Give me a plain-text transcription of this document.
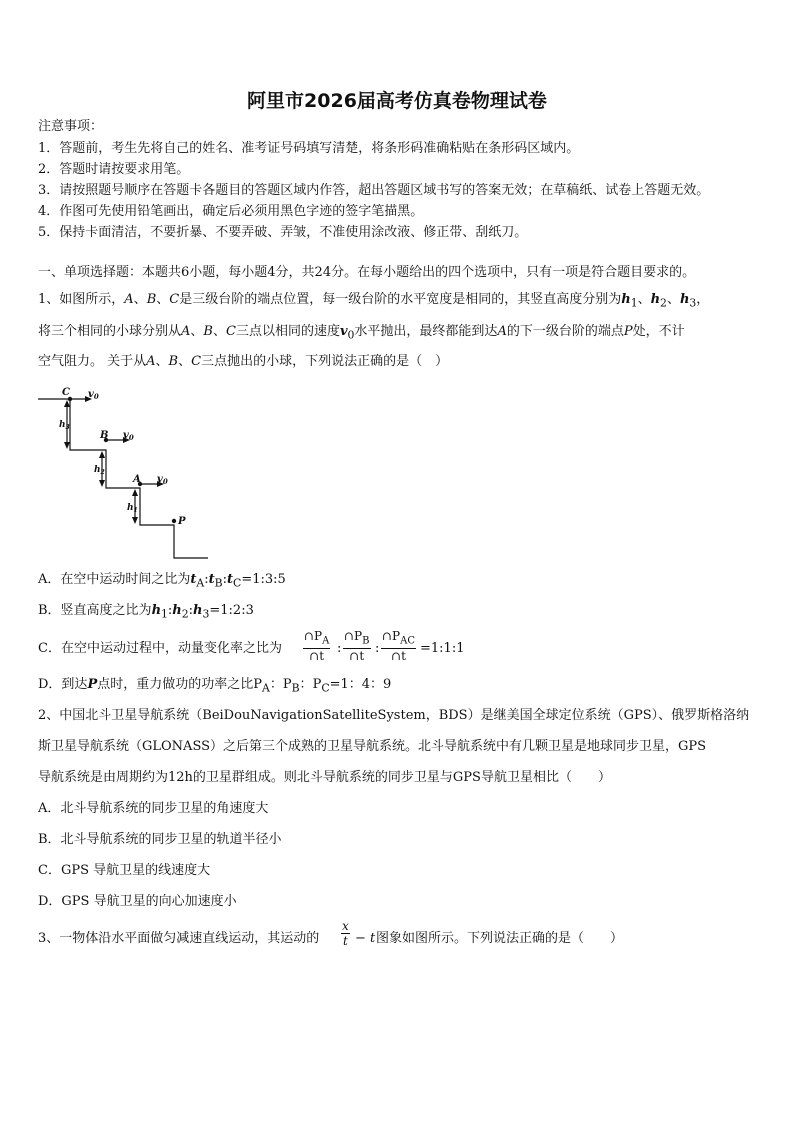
阿里市2026届高考仿真卷物理试卷
注意事项：
1．答题前，考生先将自己的姓名、准考证号码填写清楚，将条形码准确粘贴在条形码区域内。
2．答题时请按要求用笔。
3．请按照题号顺序在答题卡各题目的答题区域内作答，超出答题区域书写的答案无效；在草稿纸、试卷上答题无效。
4．作图可先使用铅笔画出，确定后必须用黑色字迹的签字笔描黑。
5．保持卡面清洁，不要折暴、不要弄破、弄皱，不准使用涂改液、修正带、刮纸刀。
一、单项选择题：本题共6小题，每小题4分，共24分。在每小题给出的四个选项中，只有一项是符合题目要求的。
1、如图所示，A、B、C是三级台阶的端点位置，每一级台阶的水平宽度是相同的，其竖直高度分别为$h_1$、$h_2$、$h_3$，
将三个相同的小球分别从A、B、C三点以相同的速度$v_0$水平抛出，最终都能到达A的下一级台阶的端点P处，不计
空气阻力。 关于从A、B、C三点抛出的小球，下列说法正确的是（　）
C
B
A
P
$v_0$
$v_0$
$v_0$
$h_3$
$h_2$
$h_1$
A．在空中运动时间之比为$t_A:t_B:t_C=1:3:5$
B．竖直高度之比为$h_1:h_2:h_3=1:2:3$
C．在空中运动过程中，动量变化率之比为 $\frac{\cap P_A}{\cap t}$ : $\frac{\cap P_B}{\cap t}$ :
$\cap P_{AC}$
∩t
=1:1:1
D．到达P点时，重力做功的功率之比$P_A$：$P_B$：$P_C=1$：4：9
2、中国北斗卫星导航系统（BeiDouNavigationSatelliteSystem，BDS）是继美国全球定位系统（GPS）、俄罗斯格洛纳
斯卫星导航系统（GLONASS）之后第三个成熟的卫星导航系统。北斗导航系统中有几颗卫星是地球同步卫星，GPS
导航系统是由周期约为12h的卫星群组成。则北斗导航系统的同步卫星与GPS导航卫星相比（　　）
A．北斗导航系统的同步卫星的角速度大
B．北斗导航系统的同步卫星的轨道半径小
C．GPS 导航卫星的线速度大
D．GPS 导航卫星的向心加速度小
3、一物体沿水平面做匀减速直线运动，其运动的 $\frac{x}{t} - t$ 图象如图所示。下列说法正确的是（　　）
